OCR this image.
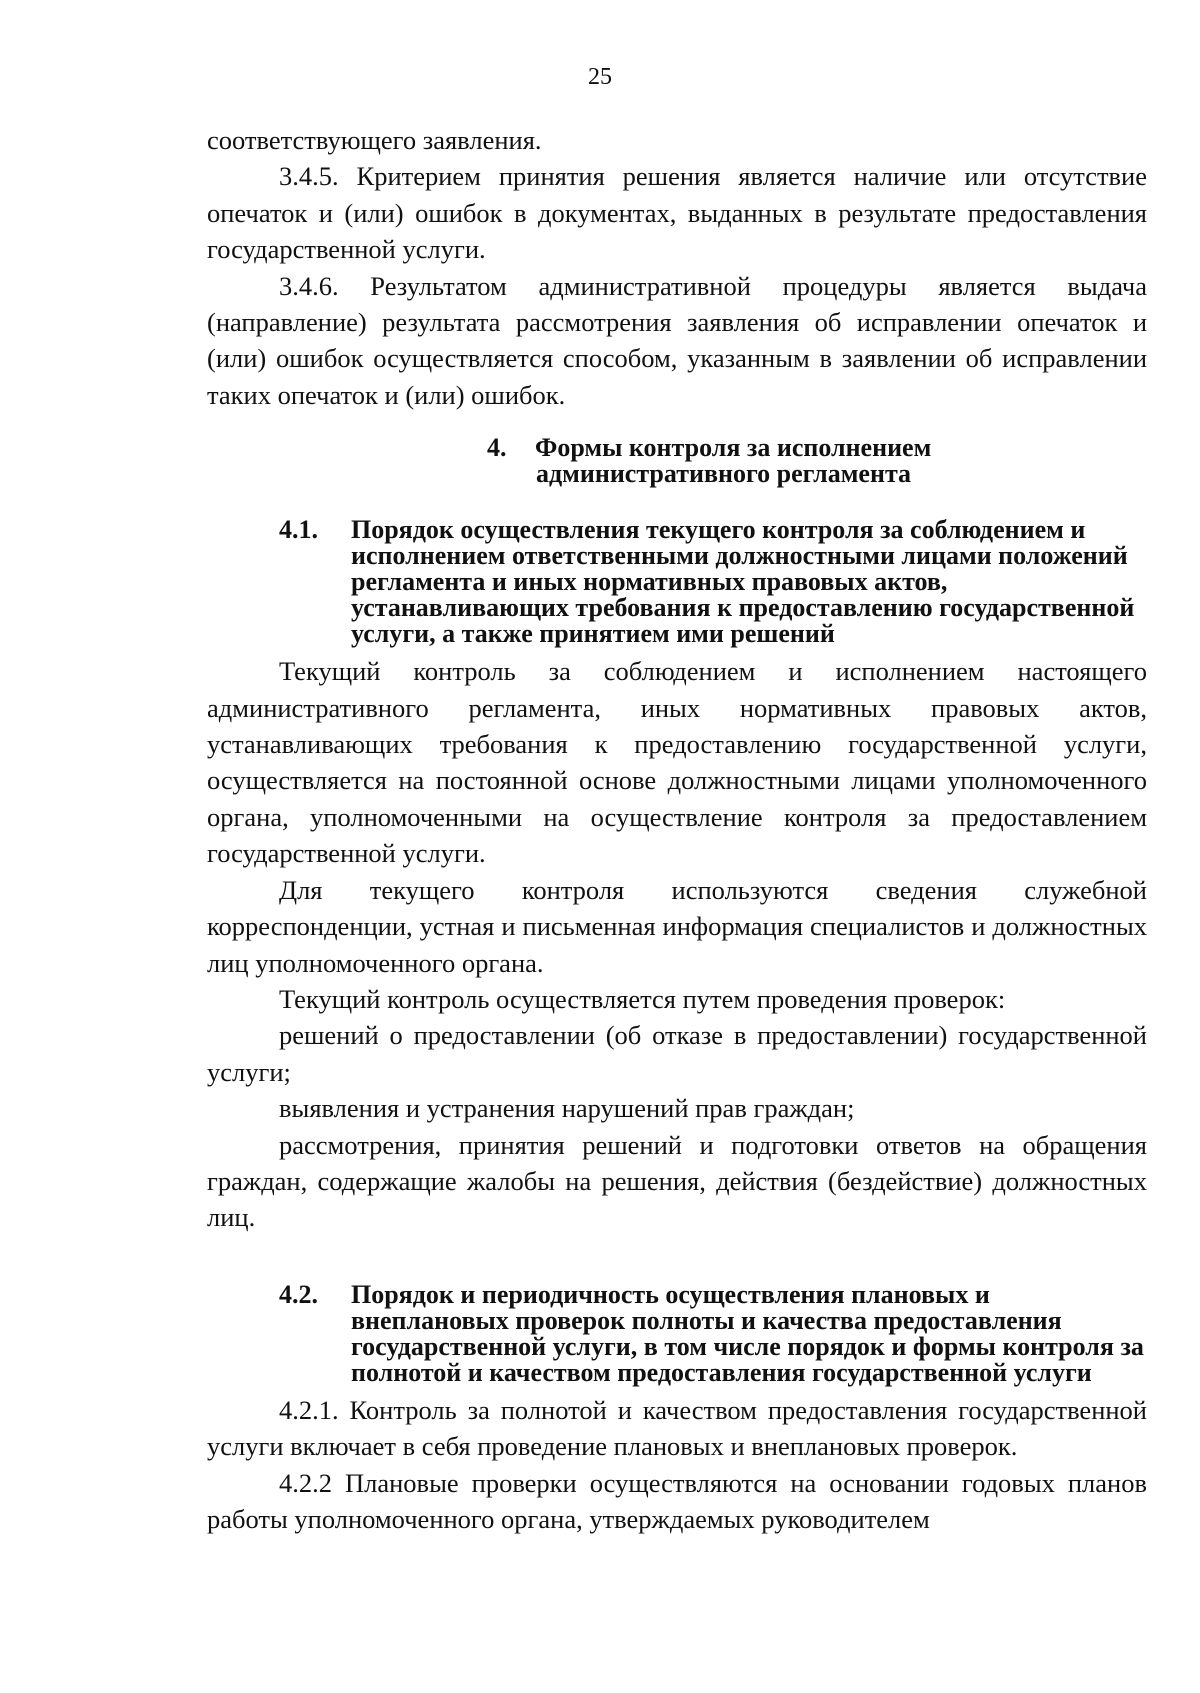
25

соответствующего заявления.

3.4.5. Критерием принятия решения является наличие или отсутствие опечаток и (или) ошибок в документах, выданных в результате предоставления государственной услуги.

3.4.6. Результатом административной процедуры является выдача (направление) результата рассмотрения заявления об исправлении опечаток и (или) ошибок осуществляется способом, указанным в заявлении об исправлении таких опечаток и (или) ошибок.

4. Формы контроля за исполнением
административного регламента
4.1.	Порядок осуществления текущего контроля за соблюдением и исполнением ответственными должностными лицами положений регламента и иных нормативных правовых актов, устанавливающих требования к предоставлению государственной услуги, а также принятием ими решений

Текущий контроль за соблюдением и исполнением настоящего административного регламента, иных нормативных правовых актов, устанавливающих требования к предоставлению государственной услуги, осуществляется на постоянной основе должностными лицами уполномоченного органа, уполномоченными на осуществление контроля за предоставлением государственной услуги.

Для текущего контроля используются сведения служебной корреспонденции, устная и письменная информация специалистов и должностных лиц уполномоченного органа.

Текущий контроль осуществляется путем проведения проверок:

решений о предоставлении (об отказе в предоставлении) государственной услуги;

выявления и устранения нарушений прав граждан;

рассмотрения, принятия решений и подготовки ответов на обращения граждан, содержащие жалобы на решения, действия (бездействие) должностных лиц.

4.2.	Порядок и периодичность осуществления плановых и внеплановых проверок полноты и качества предоставления государственной услуги, в том числе порядок и формы контроля за полнотой и качеством предоставления государственной услуги

4.2.1. Контроль за полнотой и качеством предоставления государственной услуги включает в себя проведение плановых и внеплановых проверок.

4.2.2 Плановые проверки осуществляются на основании годовых планов работы уполномоченного органа, утверждаемых руководителем
